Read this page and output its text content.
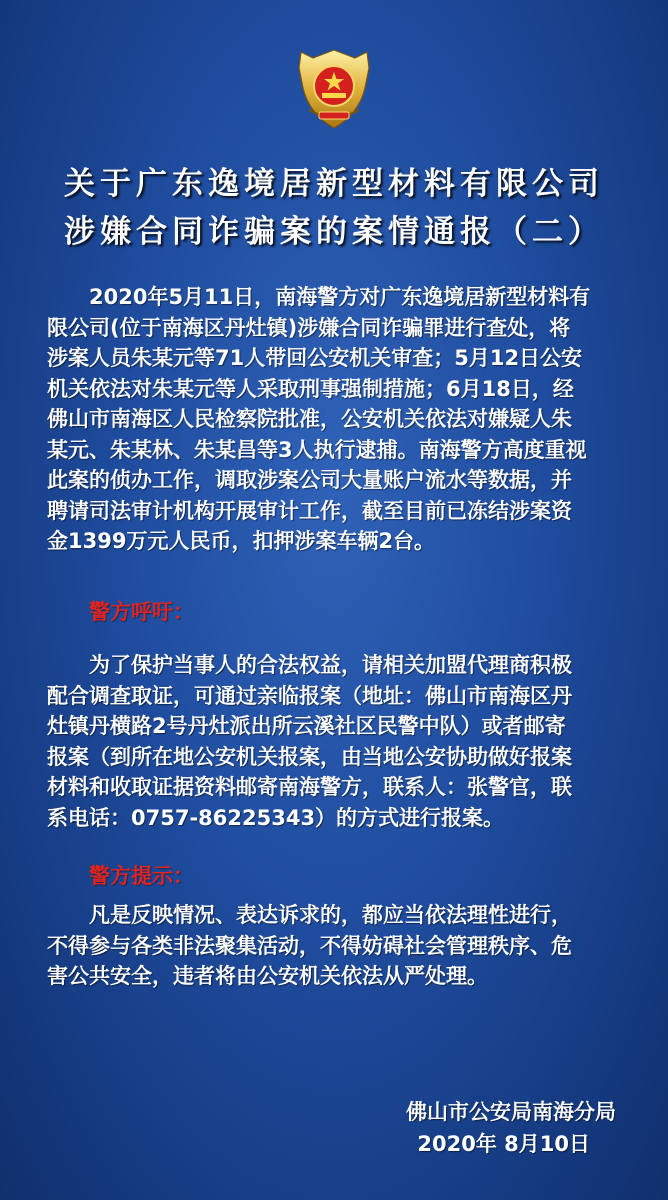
关于广东逸境居新型材料有限公司
涉嫌合同诈骗案的案情通报（二）
2020年5月11日，南海警方对广东逸境居新型材料有
限公司(位于南海区丹灶镇)涉嫌合同诈骗罪进行查处，将
涉案人员朱某元等71人带回公安机关审查；5月12日公安
机关依法对朱某元等人采取刑事强制措施；6月18日，经
佛山市南海区人民检察院批准，公安机关依法对嫌疑人朱
某元、朱某林、朱某昌等3人执行逮捕。南海警方高度重视
此案的侦办工作，调取涉案公司大量账户流水等数据，并
聘请司法审计机构开展审计工作，截至目前已冻结涉案资
金1399万元人民币，扣押涉案车辆2台。
警方呼吁：
为了保护当事人的合法权益，请相关加盟代理商积极
配合调查取证，可通过亲临报案（地址：佛山市南海区丹
灶镇丹横路2号丹灶派出所云溪社区民警中队）或者邮寄
报案（到所在地公安机关报案，由当地公安协助做好报案
材料和收取证据资料邮寄南海警方，联系人：张警官，联
系电话：0757-86225343）的方式进行报案。
警方提示：
凡是反映情况、表达诉求的，都应当依法理性进行，
不得参与各类非法聚集活动，不得妨碍社会管理秩序、危
害公共安全，违者将由公安机关依法从严处理。
佛山市公安局南海分局
2020年 8月10日
